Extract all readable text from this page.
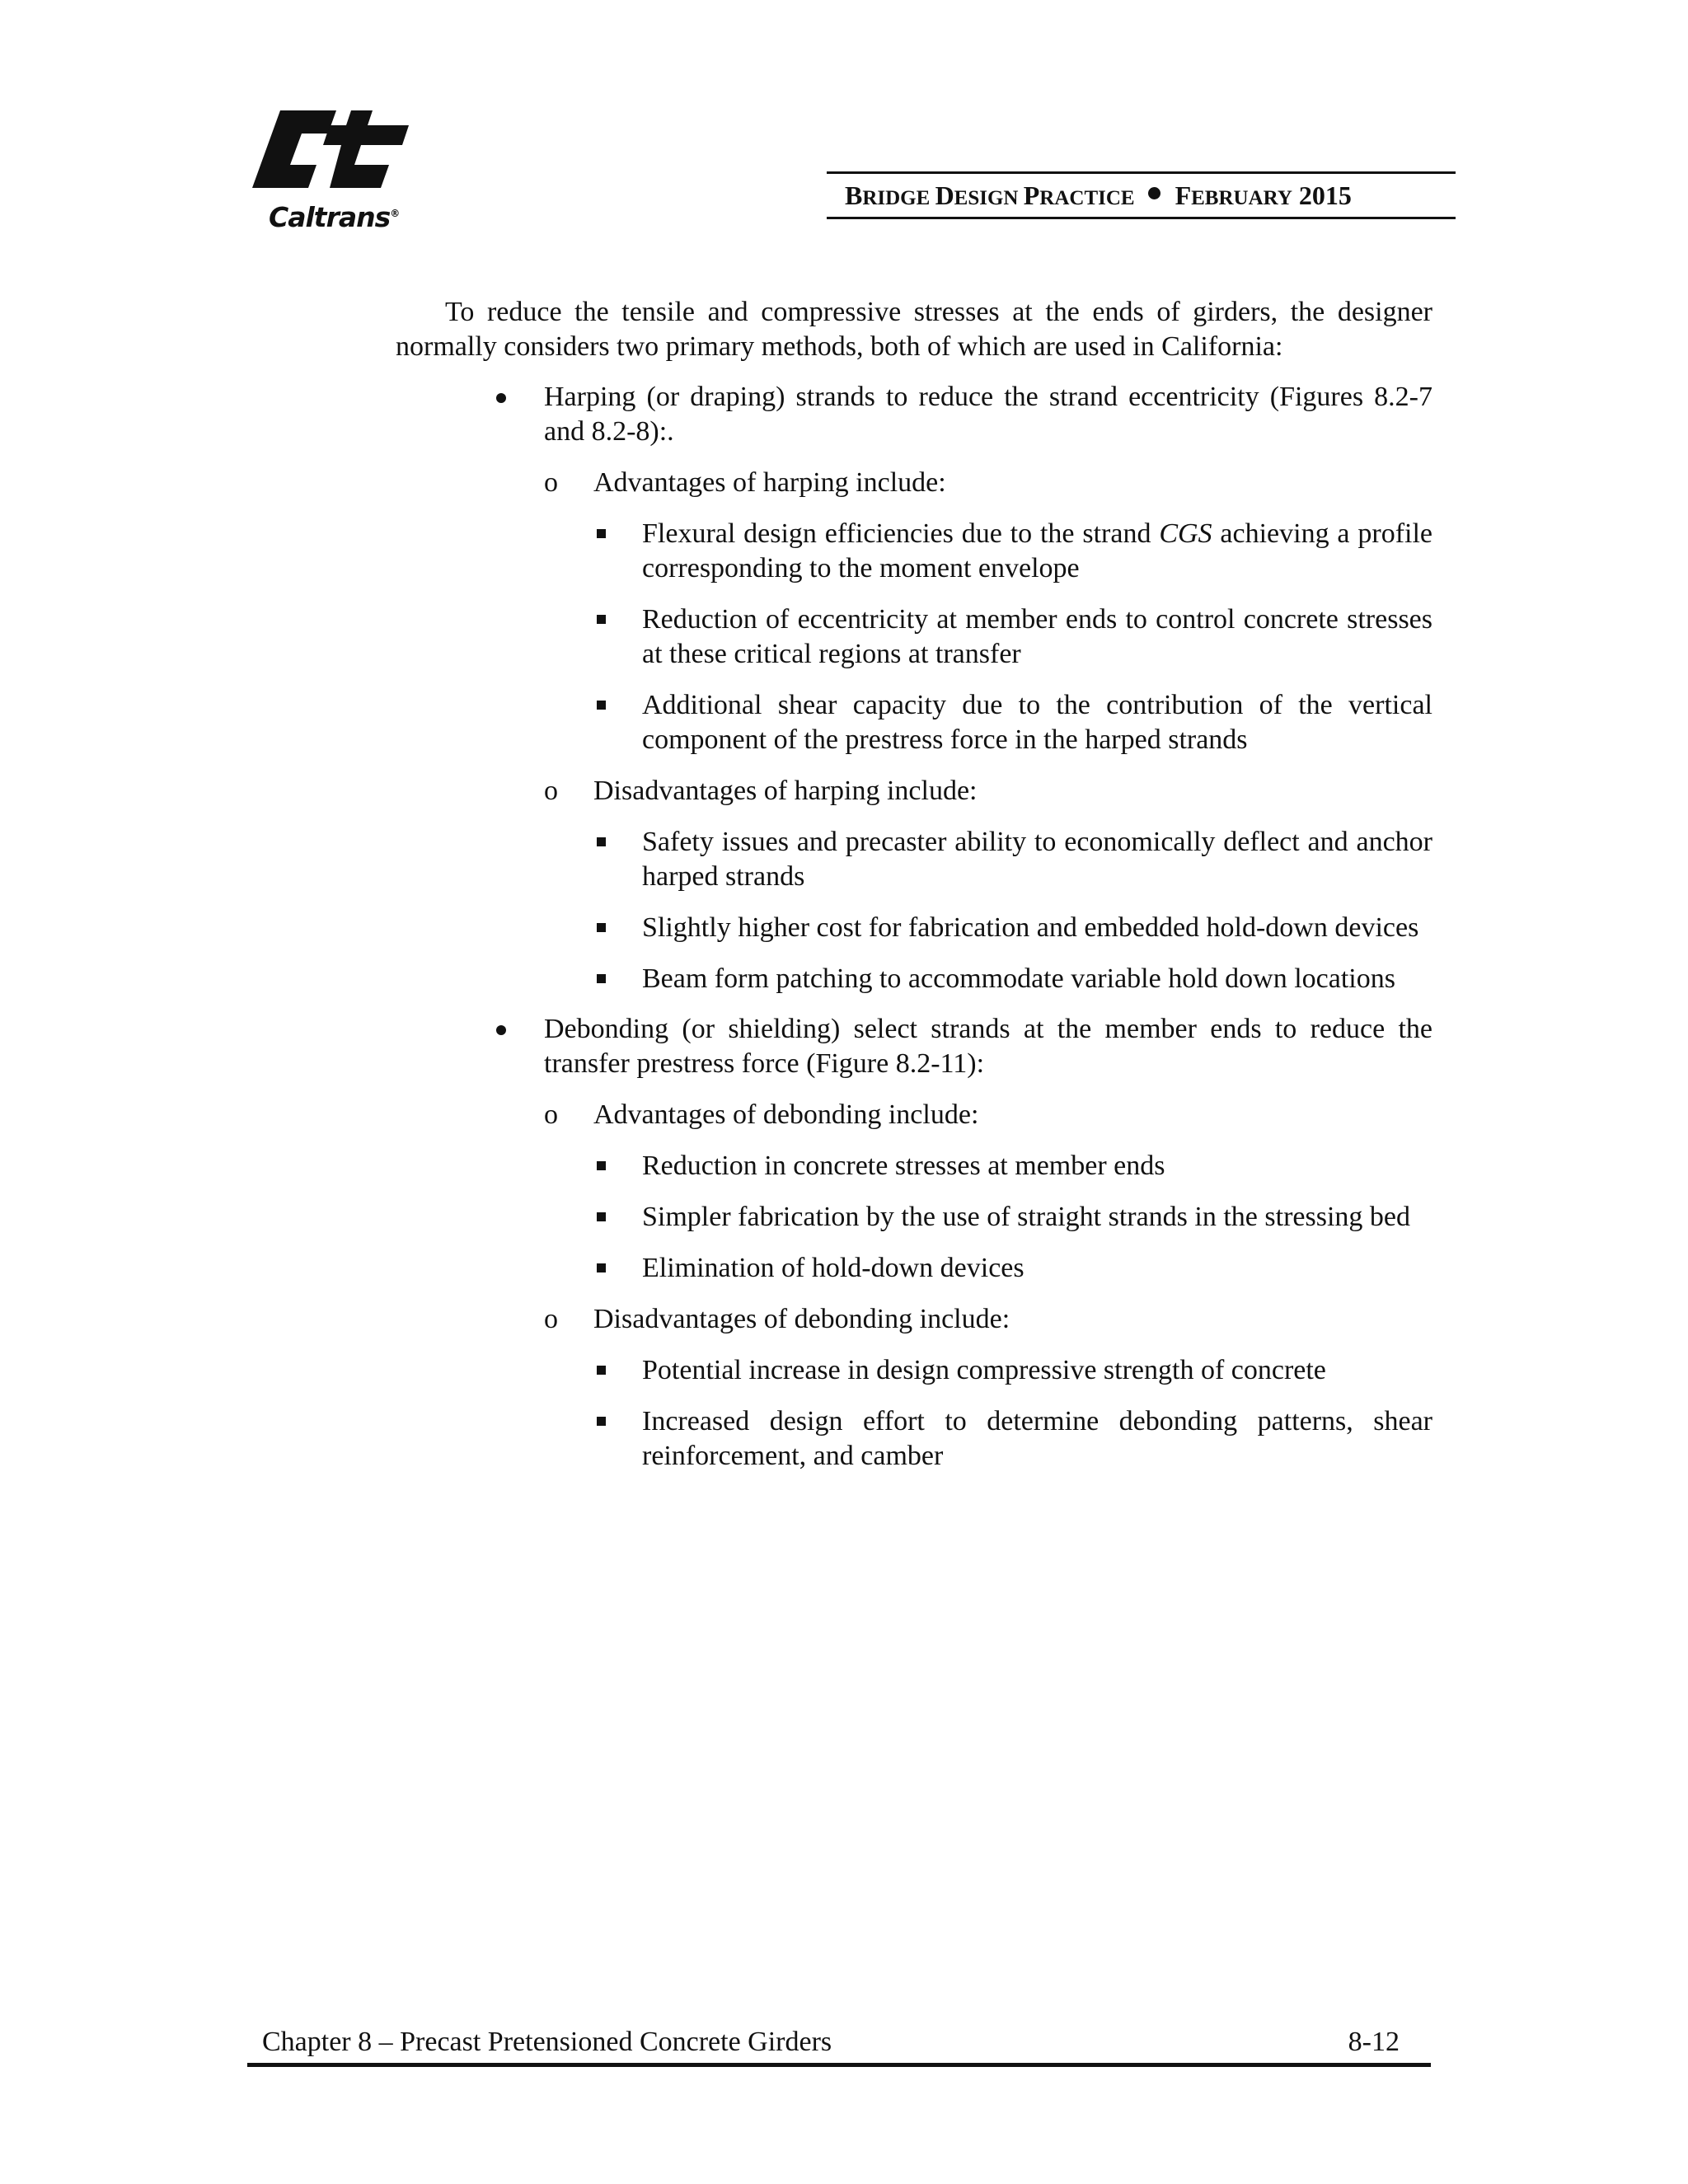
Caltrans®
BRIDGE DESIGN PRACTICE FEBRUARY 2015

To reduce the tensile and compressive stresses at the ends of girders, the designer normally considers two primary methods, both of which are used in California:

Harping (or draping) strands to reduce the strand eccentricity (Figures 8.2-7 and 8.2-8):.
o Advantages of harping include:
Flexural design efficiencies due to the strand CGS achieving a profile corresponding to the moment envelope
Reduction of eccentricity at member ends to control concrete stresses at these critical regions at transfer
Additional shear capacity due to the contribution of the vertical component of the prestress force in the harped strands
o Disadvantages of harping include:
Safety issues and precaster ability to economically deflect and anchor harped strands
Slightly higher cost for fabrication and embedded hold-down devices
Beam form patching to accommodate variable hold down locations
Debonding (or shielding) select strands at the member ends to reduce the transfer prestress force (Figure 8.2-11):
o Advantages of debonding include:
Reduction in concrete stresses at member ends
Simpler fabrication by the use of straight strands in the stressing bed
Elimination of hold-down devices
o Disadvantages of debonding include:
Potential increase in design compressive strength of concrete
Increased design effort to determine debonding patterns, shear reinforcement, and camber
Chapter 8 – Precast Pretensioned Concrete Girders	8-12
